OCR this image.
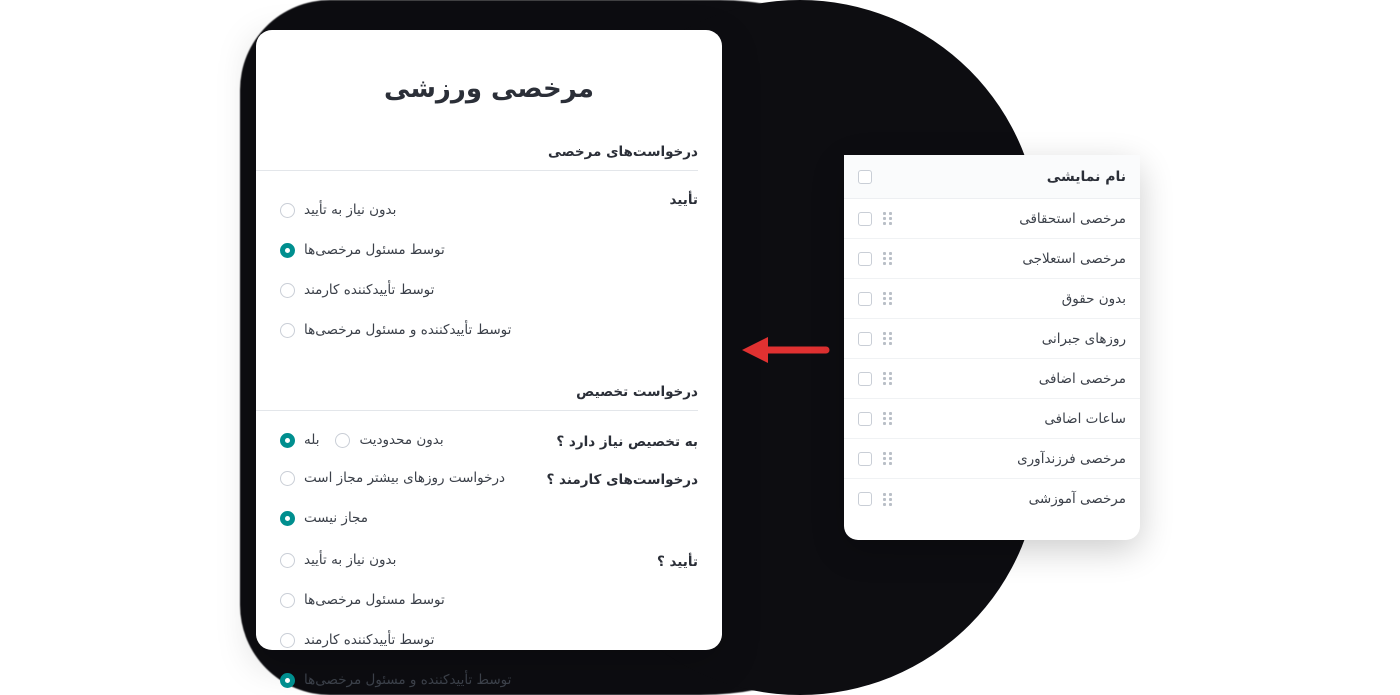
مرخصی ورزشی
درخواست‌های مرخصی
تأیید
بدون نیاز به تأیید
توسط مسئول مرخصی‌ها
توسط تأییدکننده کارمند
توسط تأییدکننده و مسئول مرخصی‌ها
درخواست تخصیص
به تخصیص نیاز دارد ؟
بدون محدودیت
بله
درخواست‌های کارمند ؟
درخواست روزهای بیشتر مجاز است
مجاز نیست
تأیید ؟
بدون نیاز به تأیید
توسط مسئول مرخصی‌ها
توسط تأییدکننده کارمند
توسط تأییدکننده و مسئول مرخصی‌ها
نام نمایشی
مرخصی استحقاقی
مرخصی استعلاجی
بدون حقوق
روزهای جبرانی
مرخصی اضافی
ساعات اضافی
مرخصی فرزندآوری
مرخصی آموزشی
